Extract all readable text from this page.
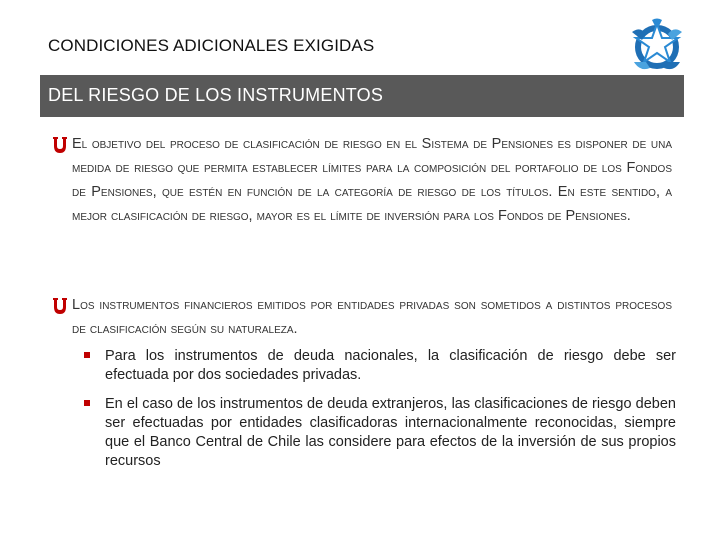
CONDICIONES ADICIONALES EXIGIDAS
DEL RIESGO DE LOS INSTRUMENTOS
El objetivo del proceso de clasificación de riesgo en el Sistema de Pensiones es disponer de una medida de riesgo que permita establecer límites para la composición del portafolio de los Fondos de Pensiones, que estén en función de la categoría de riesgo de los títulos. En este sentido, a mejor clasificación de riesgo, mayor es el límite de inversión para los Fondos de Pensiones.
Los instrumentos financieros emitidos por entidades privadas son sometidos a distintos procesos de clasificación según su naturaleza.
Para los instrumentos de deuda nacionales, la clasificación de riesgo debe ser efectuada por dos sociedades privadas.
En el caso de los instrumentos de deuda extranjeros, las clasificaciones de riesgo deben ser efectuadas por entidades clasificadoras internacionalmente reconocidas, siempre que el Banco Central de Chile las considere para efectos de la inversión de sus propios recursos
